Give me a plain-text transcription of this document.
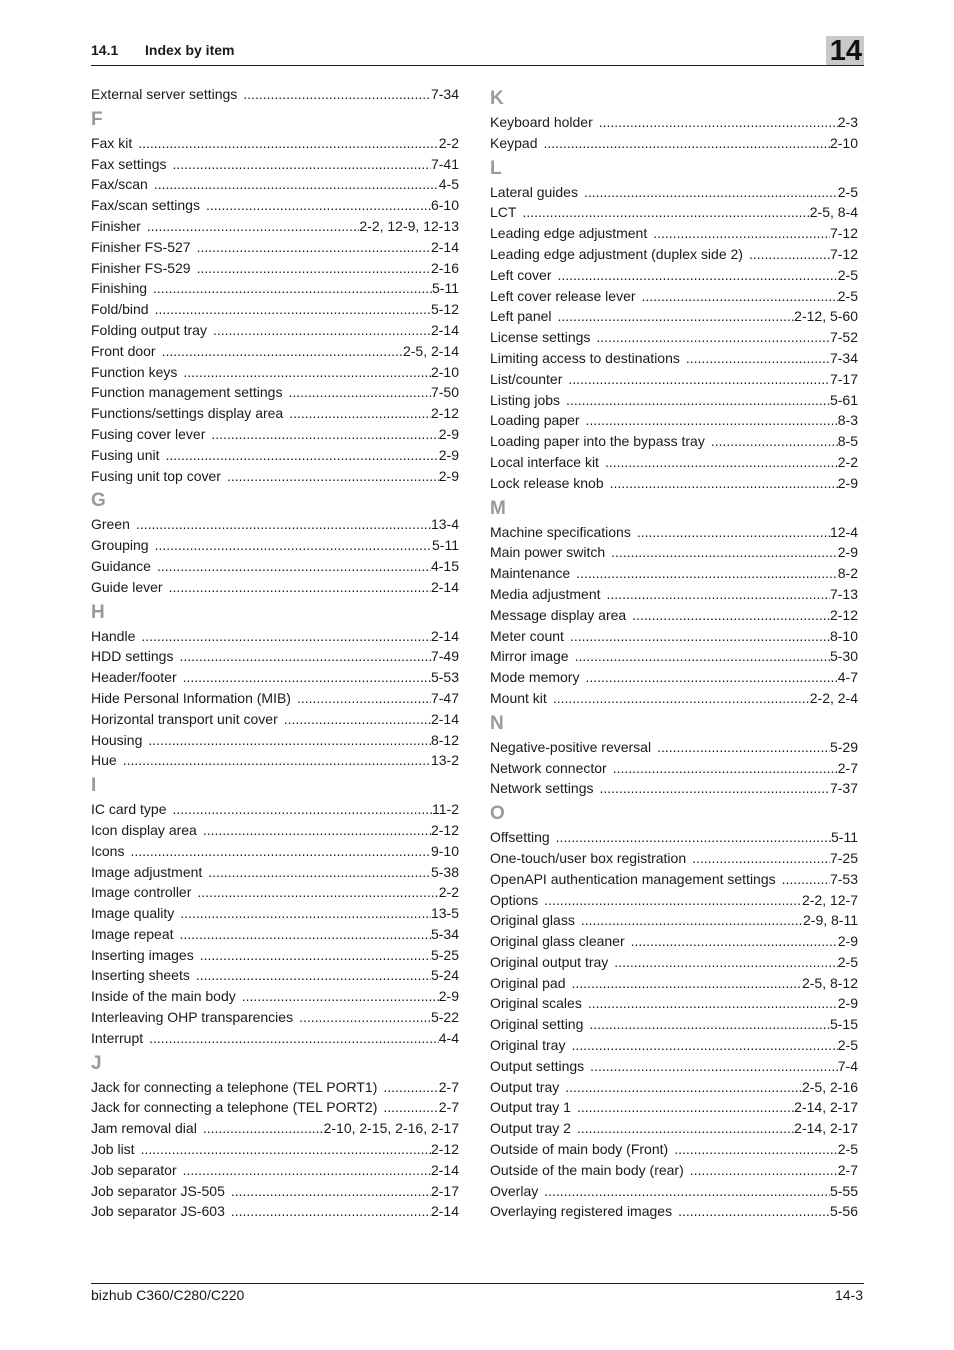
14.1 Index by item	14
External server settings .....	7-34
F
Fax kit .....	2-2
Fax settings .....	7-41
Fax/scan .....	4-5
Fax/scan settings .....	6-10
Finisher .....	2-2, 12-9, 12-13
Finisher FS-527 .....	2-14
Finisher FS-529 .....	2-16
Finishing .....	5-11
Fold/bind .....	5-12
Folding output tray .....	2-14
Front door .....	2-5, 2-14
Function keys .....	2-10
Function management settings .....	7-50
Functions/settings display area .....	2-12
Fusing cover lever .....	2-9
Fusing unit .....	2-9
Fusing unit top cover .....	2-9
G
Green .....	13-4
Grouping .....	5-11
Guidance .....	4-15
Guide lever .....	2-14
H
Handle .....	2-14
HDD settings .....	7-49
Header/footer .....	5-53
Hide Personal Information (MIB) .....	7-47
Horizontal transport unit cover .....	2-14
Housing .....	8-12
Hue .....	13-2
I
IC card type .....	11-2
Icon display area .....	2-12
Icons .....	9-10
Image adjustment .....	5-38
Image controller .....	2-2
Image quality .....	13-5
Image repeat .....	5-34
Inserting images .....	5-25
Inserting sheets .....	5-24
Inside of the main body .....	2-9
Interleaving OHP transparencies .....	5-22
Interrupt .....	4-4
J
Jack for connecting a telephone (TEL PORT1) .....	2-7
Jack for connecting a telephone (TEL PORT2) .....	2-7
Jam removal dial .....	2-10, 2-15, 2-16, 2-17
Job list .....	2-12
Job separator .....	2-14
Job separator JS-505 .....	2-17
Job separator JS-603 .....	2-14
K
Keyboard holder .....	2-3
Keypad .....	2-10
L
Lateral guides .....	2-5
LCT .....	2-5, 8-4
Leading edge adjustment .....	7-12
Leading edge adjustment (duplex side 2) .....	7-12
Left cover .....	2-5
Left cover release lever .....	2-5
Left panel .....	2-12, 5-60
License settings .....	7-52
Limiting access to destinations .....	7-34
List/counter .....	7-17
Listing jobs .....	5-61
Loading paper .....	8-3
Loading paper into the bypass tray .....	8-5
Local interface kit .....	2-2
Lock release knob .....	2-9
M
Machine specifications .....	12-4
Main power switch .....	2-9
Maintenance .....	8-2
Media adjustment .....	7-13
Message display area .....	2-12
Meter count .....	8-10
Mirror image .....	5-30
Mode memory .....	4-7
Mount kit .....	2-2, 2-4
N
Negative-positive reversal .....	5-29
Network connector .....	2-7
Network settings .....	7-37
O
Offsetting .....	5-11
One-touch/user box registration .....	7-25
OpenAPI authentication management settings .....	7-53
Options .....	2-2, 12-7
Original glass .....	2-9, 8-11
Original glass cleaner .....	2-9
Original output tray .....	2-5
Original pad .....	2-5, 8-12
Original scales .....	2-9
Original setting .....	5-15
Original tray .....	2-5
Output settings .....	7-4
Output tray .....	2-5, 2-16
Output tray 1 .....	2-14, 2-17
Output tray 2 .....	2-14, 2-17
Outside of main body (Front) .....	2-5
Outside of the main body (rear) .....	2-7
Overlay .....	5-55
Overlaying registered images .....	5-56
bizhub C360/C280/C220	14-3
